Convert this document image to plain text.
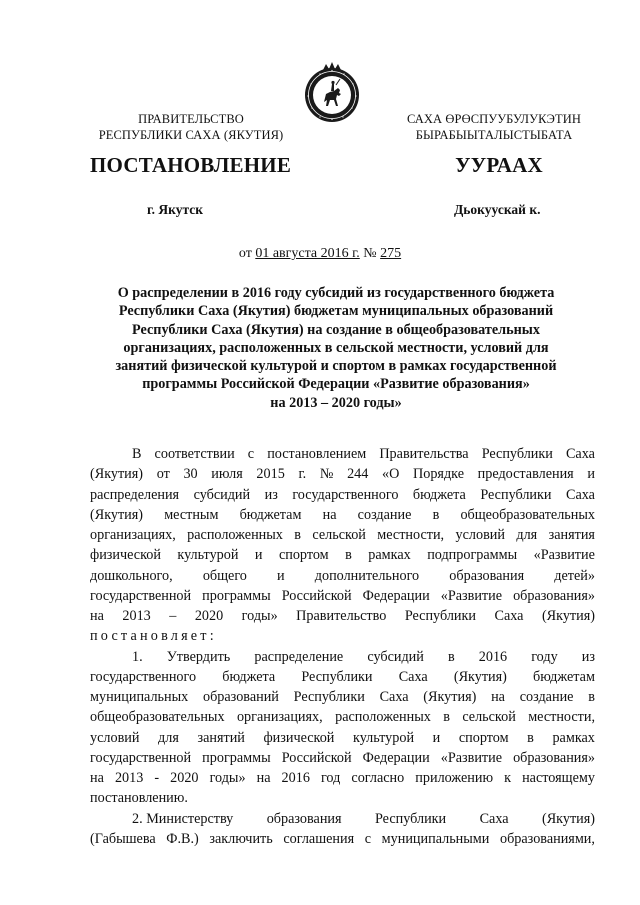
ПРАВИТЕЛЬСТВО
РЕСПУБЛИКИ САХА (ЯКУТИЯ)
САХА ӨРӨСПУУБУЛУКЭТИН
БЫРАБЫЫТАЛЫСТЫБАТА
ПОСТАНОВЛЕНИЕ	УУРААХ
г. Якутск	Дьокуускай к.
от 01 августа 2016 г. № 275
О распределении в 2016 году субсидий из государственного бюджета
Республики Саха (Якутия) бюджетам муниципальных образований
Республики Саха (Якутия) на создание в общеобразовательных
организациях, расположенных в сельской местности, условий для
занятий физической культурой и спортом в рамках государственной
программы Российской Федерации «Развитие образования»
на 2013 – 2020 годы»
В соответствии с постановлением Правительства Республики Саха
(Якутия) от 30 июля 2015 г. № 244 «О Порядке предоставления и
распределения субсидий из государственного бюджета Республики Саха
(Якутия) местным бюджетам на создание в общеобразовательных
организациях, расположенных в сельской местности, условий для занятия
физической культурой и спортом в рамках подпрограммы «Развитие
дошкольного, общего и дополнительного образования детей»
государственной программы Российской Федерации «Развитие образования»
на 2013 – 2020 годы» Правительство Республики Саха (Якутия)
постановляет:
1. Утвердить распределение субсидий в 2016 году из
государственного бюджета Республики Саха (Якутия) бюджетам
муниципальных образований Республики Саха (Якутия) на создание в
общеобразовательных организациях, расположенных в сельской местности,
условий для занятий физической культурой и спортом в рамках
государственной программы Российской Федерации «Развитие образования»
на 2013 - 2020 годы» на 2016 год согласно приложению к настоящему
постановлению.
2. Министерству образования Республики Саха (Якутия)
(Габышева Ф.В.) заключить соглашения с муниципальными образованиями,
